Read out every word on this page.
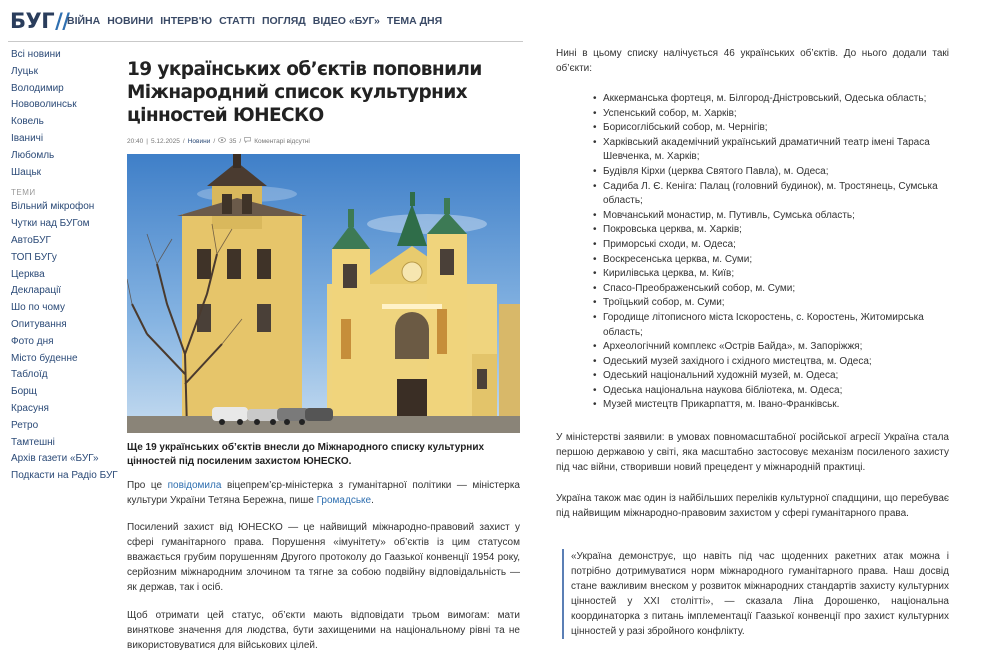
БУГ//
ВІЙНА НОВИНИ ІНТЕРВ'Ю СТАТТІ ПОГЛЯД ВІДЕО «БУГ» ТЕМА ДНЯ
Всі новини
Луцьк
Володимир
Нововолинськ
Ковель
Іваничі
Любомль
Шацьк
ТЕМИ
Вільний мікрофон
Чутки над БУГом
АвтоБУГ
ТОП БУГу
Церква
Декларації
Шо по чому
Опитування
Фото дня
Місто буденне
Таблоїд
Борщ
Красуня
Ретро
Тамтешні
Архів газети «БУГ»
Подкасти на Радіо БУГ
19 українських об’єктів поповнили Міжнародний список культурних цінностей ЮНЕСКО
20:40 | 5.12.2025 / Новини / 35 / Коментарі відсутні
Ще 19 українських об’єктів внесли до Міжнародного списку культурних цінностей під посиленим захистом ЮНЕСКО.

Про це повідомила віцепрем’єр-міністерка з гуманітарної політики — міністерка культури України Тетяна Бережна, пише Громадське.

Посилений захист від ЮНЕСКО — це найвищий міжнародно-правовий захист у сфері гуманітарного права. Порушення «імунітету» об’єктів із цим статусом вважається грубим порушенням Другого протоколу до Гаазької конвенції 1954 року, серйозним міжнародним злочином та тягне за собою подвійну відповідальність — як держав, так і осіб.

Щоб отримати цей статус, об’єкти мають відповідати трьом вимогам: мати виняткове значення для людства, бути захищеними на національному рівні та не використовуватися для військових цілей.

Нині в цьому списку налічується 46 українських об’єктів. До нього додали такі об’єкти:

• Аккерманська фортеця, м. Білгород-Дністровський, Одеська область;
• Успенський собор, м. Харків;
• Борисоглібський собор, м. Чернігів;
• Харківський академічний український драматичний театр імені Тараса Шевченка, м. Харків;
• Будівля Кірхи (церква Святого Павла), м. Одеса;
• Садиба Л. Є. Кеніга: Палац (головний будинок), м. Тростянець, Сумська область;
• Мовчанський монастир, м. Путивль, Сумська область;
• Покровська церква, м. Харків;
• Приморські сходи, м. Одеса;
• Воскресенська церква, м. Суми;
• Кирилівська церква, м. Київ;
• Спасо-Преображенський собор, м. Суми;
• Троїцький собор, м. Суми;
• Городище літописного міста Іскоростень, с. Коростень, Житомирська область;
• Археологічний комплекс «Острів Байда», м. Запоріжжя;
• Одеський музей західного і східного мистецтва, м. Одеса;
• Одеський національний художній музей, м. Одеса;
• Одеська національна наукова бібліотека, м. Одеса;
• Музей мистецтв Прикарпаття, м. Івано-Франківськ.

У міністерстві заявили: в умовах повномасштабної російської агресії Україна стала першою державою у світі, яка масштабно застосовує механізм посиленого захисту під час війни, створивши новий прецедент у міжнародній практиці.

Україна також має один із найбільших переліків культурної спадщини, що перебуває під найвищим міжнародно-правовим захистом у сфері гуманітарного права.

«Україна демонструє, що навіть під час щоденних ракетних атак можна і потрібно дотримуватися норм міжнародного гуманітарного права. Наш досвід стане важливим внеском у розвиток міжнародних стандартів захисту культурних цінностей у XXI столітті», — сказала Ліна Дорошенко, національна координаторка з питань імплементації Гаазької конвенції про захист культурних цінностей у разі збройного конфлікту.
